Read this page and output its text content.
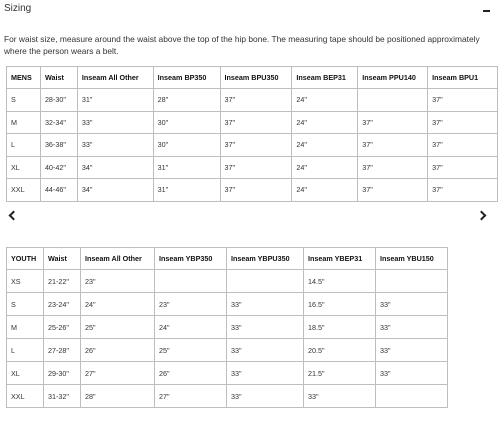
Sizing

For waist size, measure around the waist above the top of the hip bone. The measuring tape should be positioned approximately where the person wears a belt.

MENS	Waist	Inseam All Other	Inseam BP350	Inseam BPU350	Inseam BEP31	Inseam PPU140	Inseam BPU1
S	28-30"	31"	28"	37"	24"		37"
M	32-34"	33"	30"	37"	24"	37"	37"
L	36-38"	33"	30"	37"	24"	37"	37"
XL	40-42"	34"	31"	37"	24"	37"	37"
XXL	44-46"	34"	31"	37"	24"	37"	37"
YOUTH	Waist	Inseam All Other	Inseam YBP350	Inseam YBPU350	Inseam YBEP31	Inseam YBU150
XS	21-22"	23"			14.5"	
S	23-24"	24"	23"	33"	16.5"	33"
M	25-26"	25"	24"	33"	18.5"	33"
L	27-28"	26"	25"	33"	20.5"	33"
XL	29-30"	27"	26"	33"	21.5"	33"
XXL	31-32"	28"	27"	33"	33"	
